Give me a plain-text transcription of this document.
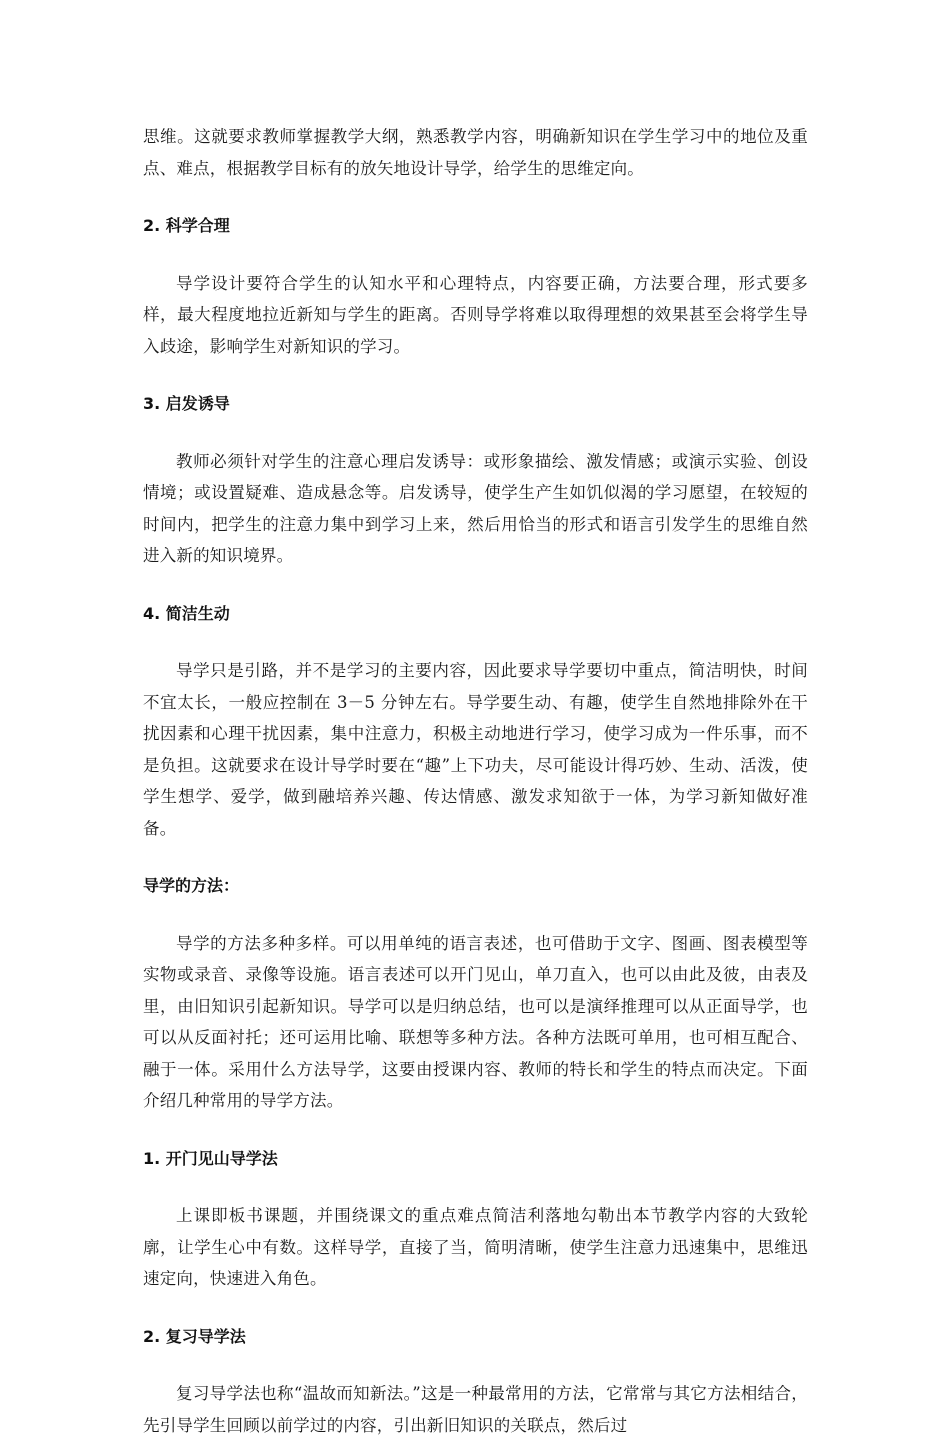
思维。这就要求教师掌握教学大纲，熟悉教学内容，明确新知识在学生学习中的地位及重点、难点，根据教学目标有的放矢地设计导学，给学生的思维定向。

2. 科学合理

导学设计要符合学生的认知水平和心理特点，内容要正确，方法要合理，形式要多样，最大程度地拉近新知与学生的距离。否则导学将难以取得理想的效果甚至会将学生导入歧途，影响学生对新知识的学习。

3. 启发诱导

教师必须针对学生的注意心理启发诱导：或形象描绘、激发情感；或演示实验、创设情境；或设置疑难、造成悬念等。启发诱导，使学生产生如饥似渴的学习愿望，在较短的时间内，把学生的注意力集中到学习上来，然后用恰当的形式和语言引发学生的思维自然进入新的知识境界。

4. 简洁生动

导学只是引路，并不是学习的主要内容，因此要求导学要切中重点，简洁明快，时间不宜太长，一般应控制在 3－5 分钟左右。导学要生动、有趣，使学生自然地排除外在干扰因素和心理干扰因素，集中注意力，积极主动地进行学习，使学习成为一件乐事，而不是负担。这就要求在设计导学时要在“趣”上下功夫，尽可能设计得巧妙、生动、活泼，使学生想学、爱学，做到融培养兴趣、传达情感、激发求知欲于一体，为学习新知做好准备。

导学的方法：

导学的方法多种多样。可以用单纯的语言表述，也可借助于文字、图画、图表模型等实物或录音、录像等设施。语言表述可以开门见山，单刀直入，也可以由此及彼，由表及里，由旧知识引起新知识。导学可以是归纳总结，也可以是演绎推理可以从正面导学，也可以从反面衬托；还可运用比喻、联想等多种方法。各种方法既可单用，也可相互配合、融于一体。采用什么方法导学，这要由授课内容、教师的特长和学生的特点而决定。下面介绍几种常用的导学方法。

1. 开门见山导学法

上课即板书课题，并围绕课文的重点难点简洁利落地勾勒出本节教学内容的大致轮廓，让学生心中有数。这样导学，直接了当，简明清晰，使学生注意力迅速集中，思维迅速定向，快速进入角色。

2. 复习导学法

复习导学法也称“温故而知新法。”这是一种最常用的方法，它常常与其它方法相结合，先引导学生回顾以前学过的内容，引出新旧知识的关联点，然后过
